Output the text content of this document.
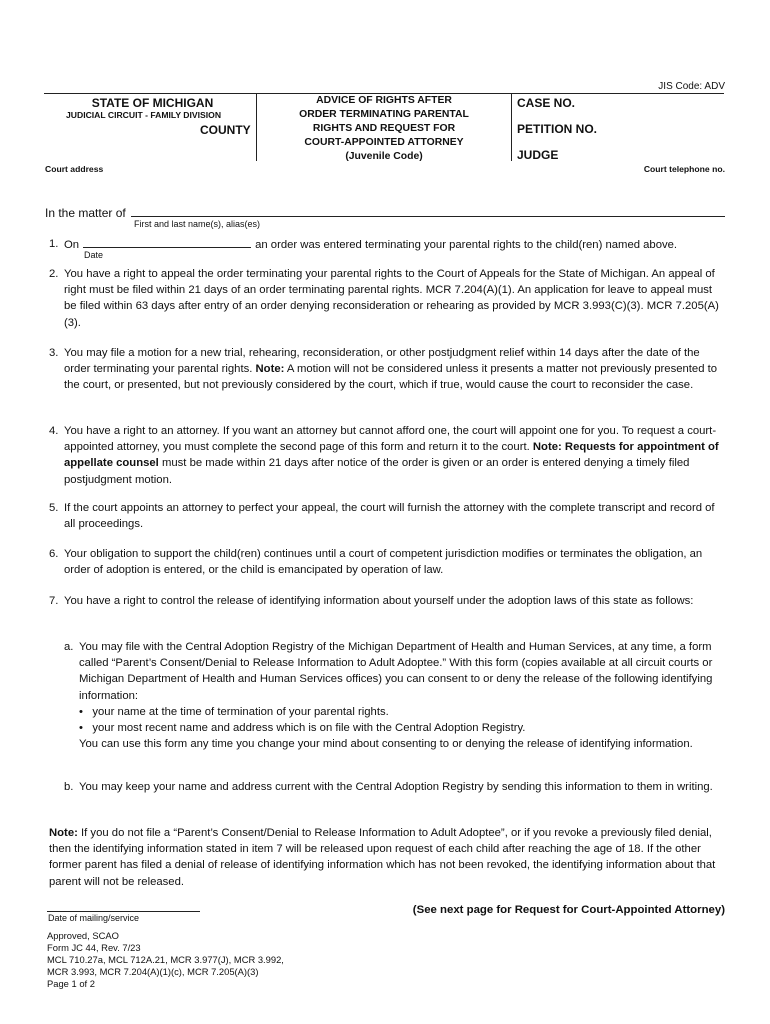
JIS Code: ADV
STATE OF MICHIGAN
JUDICIAL CIRCUIT - FAMILY DIVISION
COUNTY
ADVICE OF RIGHTS AFTER
ORDER TERMINATING PARENTAL
RIGHTS AND REQUEST FOR
COURT-APPOINTED ATTORNEY
(Juvenile Code)
CASE NO.
PETITION NO.
JUDGE
Court address	Court telephone no.
In the matter of
First and last name(s), alias(es)
1. On	an order was entered terminating your parental rights to the child(ren) named above.
Date
2. You have a right to appeal the order terminating your parental rights to the Court of Appeals for the State of Michigan. An appeal of right must be filed within 21 days of an order terminating parental rights. MCR 7.204(A)(1). An application for leave to appeal must be filed within 63 days after entry of an order denying reconsideration or rehearing as provided by MCR 3.993(C)(3). MCR 7.205(A)(3).
3. You may file a motion for a new trial, rehearing, reconsideration, or other postjudgment relief within 14 days after the date of the order terminating your parental rights. Note: A motion will not be considered unless it presents a matter not previously presented to the court, or presented, but not previously considered by the court, which if true, would cause the court to reconsider the case.
4. You have a right to an attorney. If you want an attorney but cannot afford one, the court will appoint one for you. To request a court-appointed attorney, you must complete the second page of this form and return it to the court. Note: Requests for appointment of appellate counsel must be made within 21 days after notice of the order is given or an order is entered denying a timely filed postjudgment motion.
5. If the court appoints an attorney to perfect your appeal, the court will furnish the attorney with the complete transcript and record of all proceedings.
6. Your obligation to support the child(ren) continues until a court of competent jurisdiction modifies or terminates the obligation, an order of adoption is entered, or the child is emancipated by operation of law.
7. You have a right to control the release of identifying information about yourself under the adoption laws of this state as follows:
a. You may file with the Central Adoption Registry of the Michigan Department of Health and Human Services, at any time, a form called “Parent’s Consent/Denial to Release Information to Adult Adoptee.” With this form (copies available at all circuit courts or Michigan Department of Health and Human Services offices) you can consent to or deny the release of the following identifying information:
•   your name at the time of termination of your parental rights.
•   your most recent name and address which is on file with the Central Adoption Registry.
You can use this form any time you change your mind about consenting to or denying the release of identifying information.
b. You may keep your name and address current with the Central Adoption Registry by sending this information to them in writing.
Note: If you do not file a “Parent’s Consent/Denial to Release Information to Adult Adoptee”, or if you revoke a previously filed denial, then the identifying information stated in item 7 will be released upon request of each child after reaching the age of 18. If the other former parent has filed a denial of release of identifying information which has not been revoked, the identifying information about that parent will not be released.
Date of mailing/service
(See next page for Request for Court-Appointed Attorney)
Approved, SCAO
Form JC 44, Rev. 7/23
MCL 710.27a, MCL 712A.21, MCR 3.977(J), MCR 3.992,
MCR 3.993, MCR 7.204(A)(1)(c), MCR 7.205(A)(3)
Page 1 of 2
